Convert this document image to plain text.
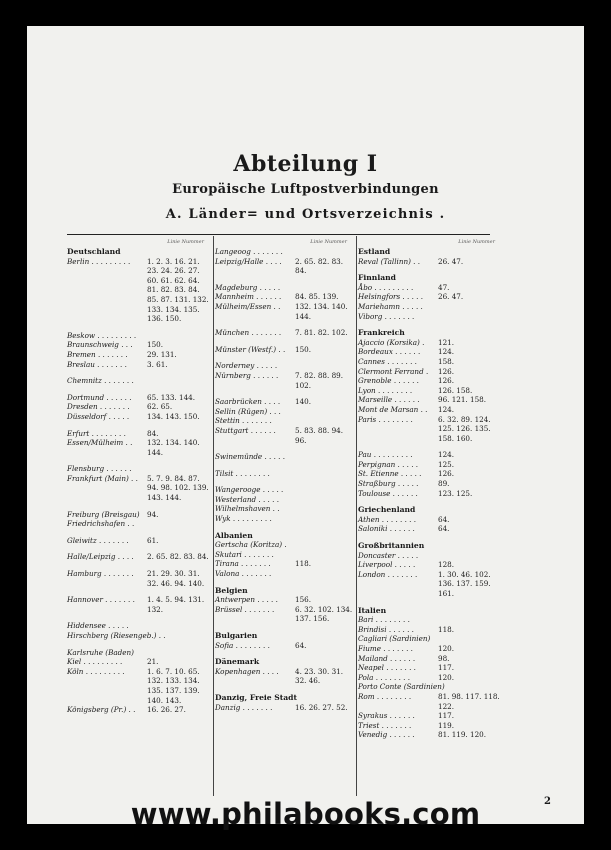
Abteilung I
Europäische Luftpostverbindungen
A. Länder= und Ortsverzeichnis .
Linie Nummer
Deutschland
Berlin . . . . . . . . .	1. 2. 3. 16. 21. 23. 24. 26. 27. 60. 61. 62. 64. 81. 82. 83. 84. 85. 87. 131. 132. 133. 134. 135. 136. 150.
Beskow . . . . . . . . .
Braunschweig . . .	150.
Bremen . . . . . . .	29. 131.
Breslau . . . . . . .	3. 61.
Chemnitz . . . . . . .
Dortmund . . . . . .	65. 133. 144.
Dresden . . . . . . .	62. 65.
Düsseldorf . . . . .	134. 143. 150.
Erfurt . . . . . . . .	84.
Essen/Mülheim . .	132. 134. 140. 144.
Flensburg . . . . . .
Frankfurt (Main) . .	5. 7. 9. 84. 87. 94. 98. 102. 139. 143. 144.
Freiburg (Breisgau)	94.
Friedrichshafen . .
Gleiwitz . . . . . . .	61.
Halle/Leipzig . . . .	2. 65. 82. 83. 84.
Hamburg . . . . . . .	21. 29. 30. 31. 32. 46. 94. 140.
Hannover . . . . . . .	1. 4. 5. 94. 131. 132.
Hiddensee . . . . .
Hirschberg (Riesengeb.) . .
Karlsruhe (Baden)
Kiel . . . . . . . . .	21.
Köln . . . . . . . . .	1. 6. 7. 10. 65. 132. 133. 134. 135. 137. 139. 140. 143.
Königsberg (Pr.) . .	16. 26. 27.
Linie Nummer
Langeoog . . . . . . .
Leipzig/Halle . . . .	2. 65. 82. 83. 84.
Magdeburg . . . . .
Mannheim . . . . . .	84. 85. 139.
Mülheim/Essen . .	132. 134. 140. 144.
München . . . . . . .	7. 81. 82. 102.
Münster (Westf.) . .	150.
Norderney . . . . .
Nürnberg . . . . . .	7. 82. 88. 89. 102.
Saarbrücken . . . .	140.
Sellin (Rügen) . . .
Stettin . . . . . . .
Stuttgart . . . . . .	5. 83. 88. 94. 96.
Swinemünde . . . . .
Tilsit . . . . . . . .
Wangerooge . . . . .
Westerland . . . . .
Wilhelmshaven . .
Wyk . . . . . . . . .
Albanien
Gertscha (Koritza) .
Skutari . . . . . . .
Tirana . . . . . . .	118.
Valona . . . . . . .
Belgien
Antwerpen . . . . .	156.
Brüssel . . . . . . .	6. 32. 102. 134. 137. 156.
Bulgarien
Sofia . . . . . . . .	64.
Dänemark
Kopenhagen . . . .	4. 23. 30. 31. 32. 46.
Danzig, Freie Stadt
Danzig . . . . . . .	16. 26. 27. 52.
Linie Nummer
Estland
Reval (Tallinn) . .	26. 47.
Finnland
Åbo . . . . . . . . .	47.
Helsingfors . . . . .	26. 47.
Mariehamn . . . . .
Viborg . . . . . . .
Frankreich
Ajaccio (Korsika) .	121.
Bordeaux . . . . . .	124.
Cannes . . . . . . .	158.
Clermont Ferrand .	126.
Grenoble . . . . . .	126.
Lyon . . . . . . . .	126. 158.
Marseille . . . . . .	96. 121. 158.
Mont de Marsan . .	124.
Paris . . . . . . . .	6. 32. 89. 124. 125. 126. 135. 158. 160.
Pau . . . . . . . . .	124.
Perpignan . . . . .	125.
St. Etienne . . . . .	126.
Straßburg . . . . .	89.
Toulouse . . . . . .	123. 125.
Griechenland
Athen . . . . . . . .	64.
Saloniki . . . . . .	64.
Großbritannien
Doncaster . . . . .
Liverpool . . . . .	128.
London . . . . . . .	1. 30. 46. 102. 136. 137. 159. 161.
Italien
Bari . . . . . . . .
Brindisi . . . . . .	118.
Cagliari (Sardinien)
Fiume . . . . . . .	120.
Mailand . . . . . .	98.
Neapel . . . . . . .	117.
Pola . . . . . . . .	120.
Porto Conte (Sardinien)
Rom . . . . . . . .	81. 98. 117. 118. 122.
Syrakus . . . . . .	117.
Triest . . . . . . .	119.
Venedig . . . . . .	81. 119. 120.
2
www.philabooks.com
